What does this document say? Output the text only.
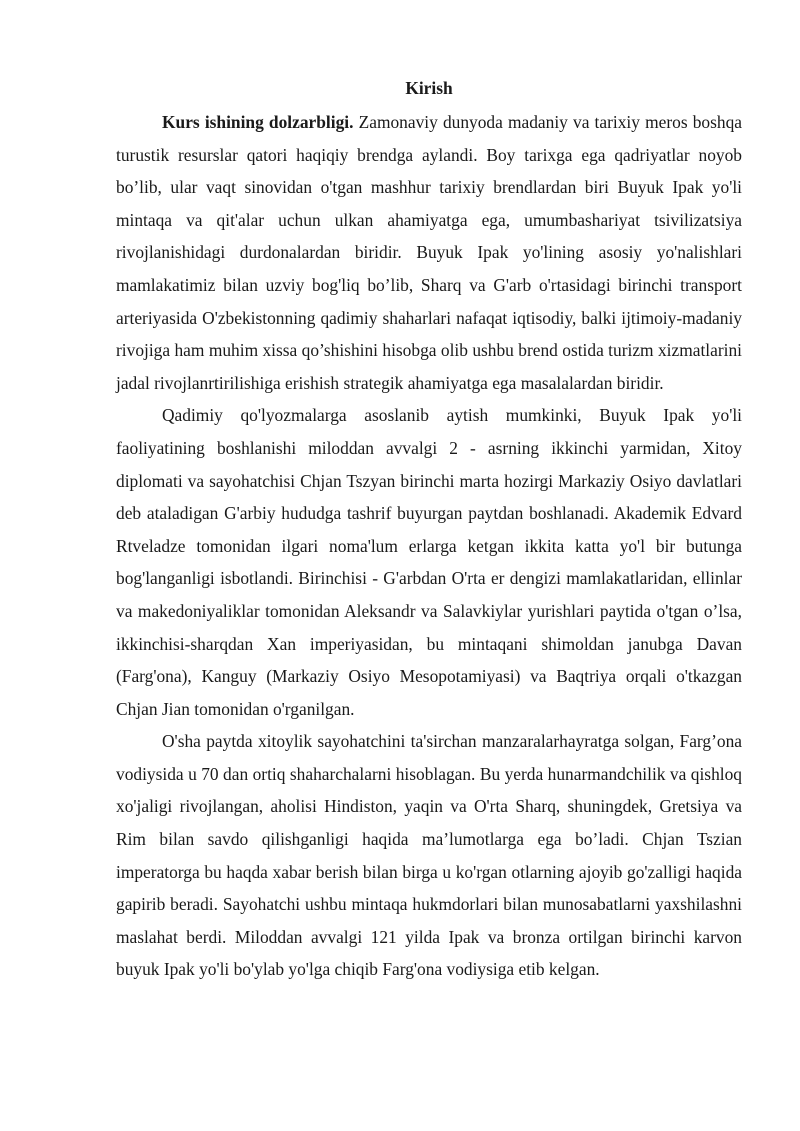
Kirish

Kurs ishining dolzarbligi. Zamonaviy dunyoda madaniy va tarixiy meros boshqa turustik resurslar qatori haqiqiy brendga aylandi. Boy tarixga ega qadriyatlar noyob bo’lib, ular vaqt sinovidan o'tgan mashhur tarixiy brendlardan biri Buyuk Ipak yo'li mintaqa va qit'alar uchun ulkan ahamiyatga ega, umumbashariyat tsivilizatsiya rivojlanishidagi durdonalardan biridir. Buyuk Ipak yo'lining asosiy yo'nalishlari mamlakatimiz bilan uzviy bog'liq bo’lib, Sharq va G'arb o'rtasidagi birinchi transport arteriyasida O'zbekistonning qadimiy shaharlari nafaqat iqtisodiy, balki ijtimoiy-madaniy rivojiga ham muhim xissa qo’shishini hisobga olib ushbu brend ostida turizm xizmatlarini jadal rivojlanrtirilishiga erishish strategik ahamiyatga ega masalalardan biridir.

Qadimiy qo'lyozmalarga asoslanib aytish mumkinki, Buyuk Ipak yo'li faoliyatining boshlanishi miloddan avvalgi 2 - asrning ikkinchi yarmidan, Xitoy diplomati va sayohatchisi Chjan Tszyan birinchi marta hozirgi Markaziy Osiyo davlatlari deb ataladigan G'arbiy hududga tashrif buyurgan paytdan boshlanadi. Akademik Edvard Rtveladze tomonidan ilgari noma'lum erlarga ketgan ikkita katta yo'l bir butunga bog'langanligi isbotlandi. Birinchisi - G'arbdan O'rta er dengizi mamlakatlaridan, ellinlar va makedoniyaliklar tomonidan Aleksandr va Salavkiylar yurishlari paytida o'tgan o’lsa, ikkinchisi-sharqdan Xan imperiyasidan, bu mintaqani shimoldan janubga Davan (Farg'ona), Kanguy (Markaziy Osiyo Mesopotamiyasi) va Baqtriya orqali o'tkazgan Chjan Jian tomonidan o'rganilgan.

O'sha paytda xitoylik sayohatchini ta'sirchan manzaralarhayratga solgan, Farg’ona vodiysida u 70 dan ortiq shaharchalarni hisoblagan. Bu yerda hunarmandchilik va qishloq xo'jaligi rivojlangan, aholisi Hindiston, yaqin va O'rta Sharq, shuningdek, Gretsiya va Rim bilan savdo qilishganligi haqida ma’lumotlarga ega bo’ladi. Chjan Tszian imperatorga bu haqda xabar berish bilan birga u ko'rgan otlarning ajoyib go'zalligi haqida gapirib beradi. Sayohatchi ushbu mintaqa hukmdorlari bilan munosabatlarni yaxshilashni maslahat berdi. Miloddan avvalgi 121 yilda Ipak va bronza ortilgan birinchi karvon buyuk Ipak yo'li bo'ylab yo'lga chiqib Farg'ona vodiysiga etib kelgan.
